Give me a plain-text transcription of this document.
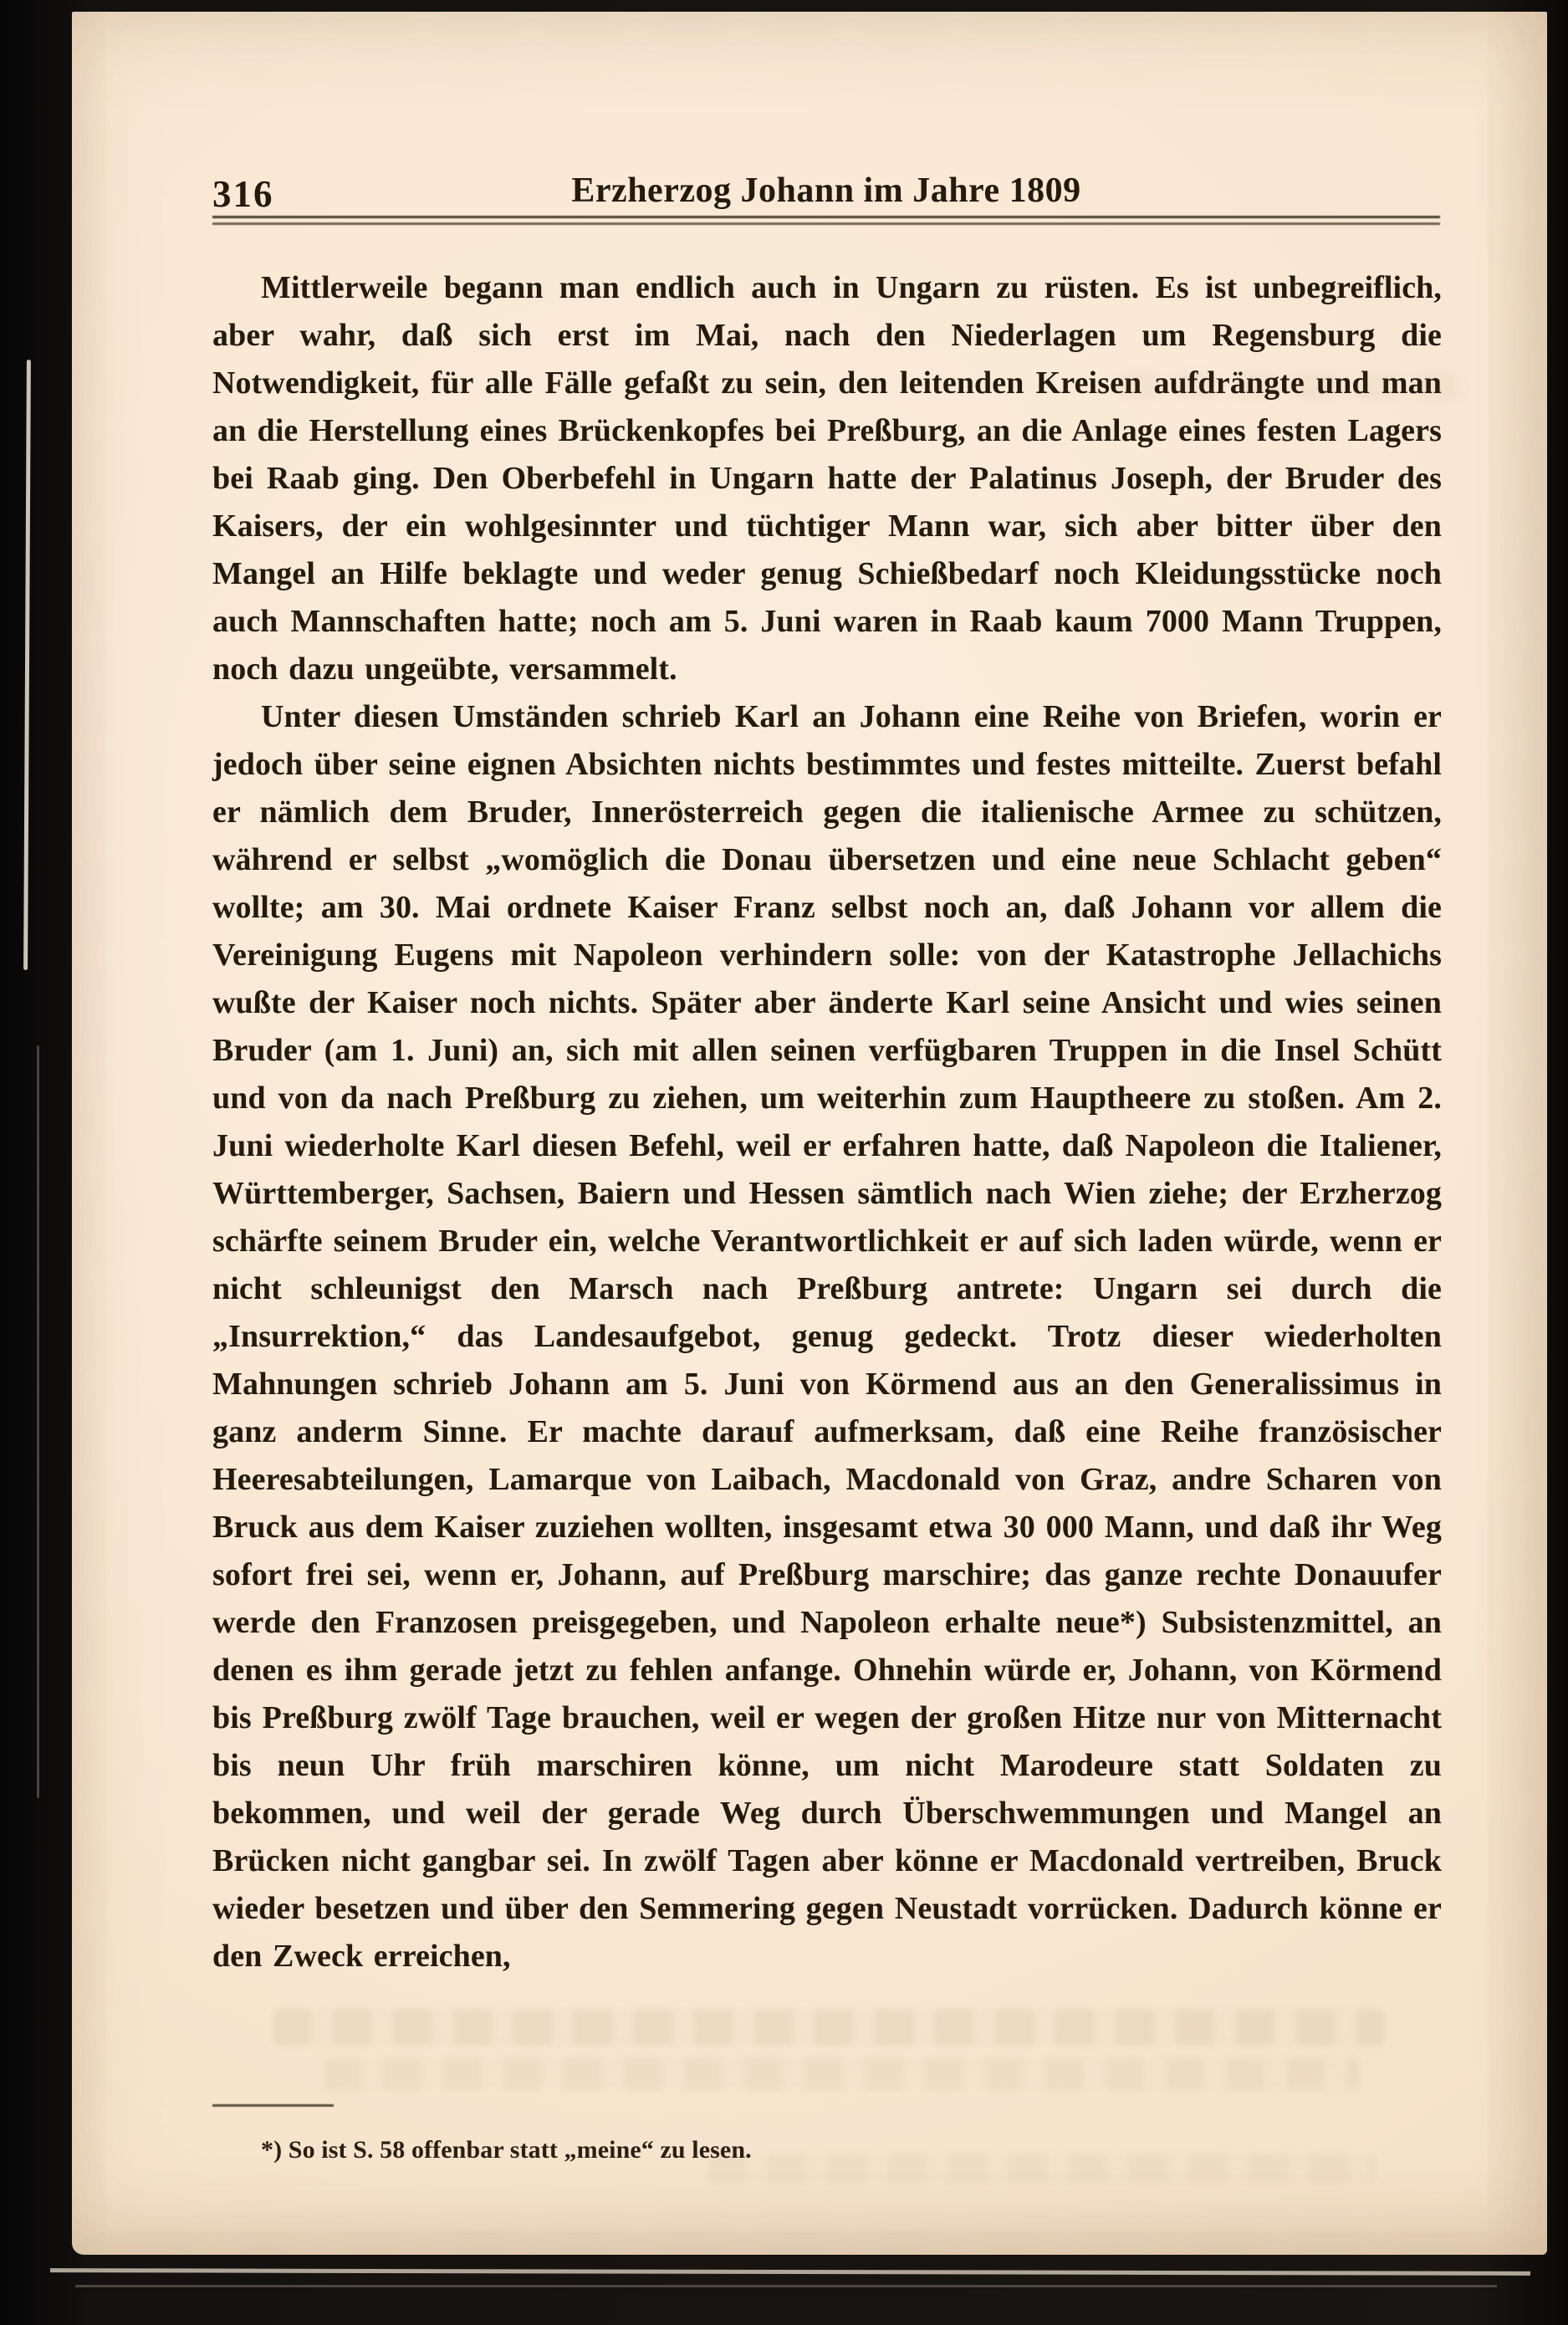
316	Erzherzog Johann im Jahre 1809

Mittlerweile begann man endlich auch in Ungarn zu rüsten. Es ist unbegreiflich, aber wahr, daß sich erst im Mai, nach den Niederlagen um Regensburg die Notwendigkeit, für alle Fälle gefaßt zu sein, den leitenden Kreisen aufdrängte und man an die Herstellung eines Brückenkopfes bei Preßburg, an die Anlage eines festen Lagers bei Raab ging. Den Oberbefehl in Ungarn hatte der Palatinus Joseph, der Bruder des Kaisers, der ein wohlgesinnter und tüchtiger Mann war, sich aber bitter über den Mangel an Hilfe beklagte und weder genug Schießbedarf noch Kleidungsstücke noch auch Mannschaften hatte; noch am 5. Juni waren in Raab kaum 7000 Mann Truppen, noch dazu ungeübte, versammelt.

Unter diesen Umständen schrieb Karl an Johann eine Reihe von Briefen, worin er jedoch über seine eignen Absichten nichts bestimmtes und festes mitteilte. Zuerst befahl er nämlich dem Bruder, Innerösterreich gegen die italienische Armee zu schützen, während er selbst „womöglich die Donau übersetzen und eine neue Schlacht geben“ wollte; am 30. Mai ordnete Kaiser Franz selbst noch an, daß Johann vor allem die Vereinigung Eugens mit Napoleon verhindern solle: von der Katastrophe Jellachichs wußte der Kaiser noch nichts. Später aber änderte Karl seine Ansicht und wies seinen Bruder (am 1. Juni) an, sich mit allen seinen verfügbaren Truppen in die Insel Schütt und von da nach Preßburg zu ziehen, um weiterhin zum Hauptheere zu stoßen. Am 2. Juni wiederholte Karl diesen Befehl, weil er erfahren hatte, daß Napoleon die Italiener, Württemberger, Sachsen, Baiern und Hessen sämtlich nach Wien ziehe; der Erzherzog schärfte seinem Bruder ein, welche Verantwortlichkeit er auf sich laden würde, wenn er nicht schleunigst den Marsch nach Preßburg antrete: Ungarn sei durch die „Insurrektion,“ das Landesaufgebot, genug gedeckt. Trotz dieser wiederholten Mahnungen schrieb Johann am 5. Juni von Körmend aus an den Generalissimus in ganz anderm Sinne. Er machte darauf aufmerksam, daß eine Reihe französischer Heeresabteilungen, Lamarque von Laibach, Macdonald von Graz, andre Scharen von Bruck aus dem Kaiser zuziehen wollten, insgesamt etwa 30 000 Mann, und daß ihr Weg sofort frei sei, wenn er, Johann, auf Preßburg marschire; das ganze rechte Donauufer werde den Franzosen preisgegeben, und Napoleon erhalte neue*) Subsistenzmittel, an denen es ihm gerade jetzt zu fehlen anfange. Ohnehin würde er, Johann, von Körmend bis Preßburg zwölf Tage brauchen, weil er wegen der großen Hitze nur von Mitternacht bis neun Uhr früh marschiren könne, um nicht Marodeure statt Soldaten zu bekommen, und weil der gerade Weg durch Überschwemmungen und Mangel an Brücken nicht gangbar sei. In zwölf Tagen aber könne er Macdonald vertreiben, Bruck wieder besetzen und über den Semmering gegen Neustadt vorrücken. Dadurch könne er den Zweck erreichen,

*) So ist S. 58 offenbar statt „meine“ zu lesen.
